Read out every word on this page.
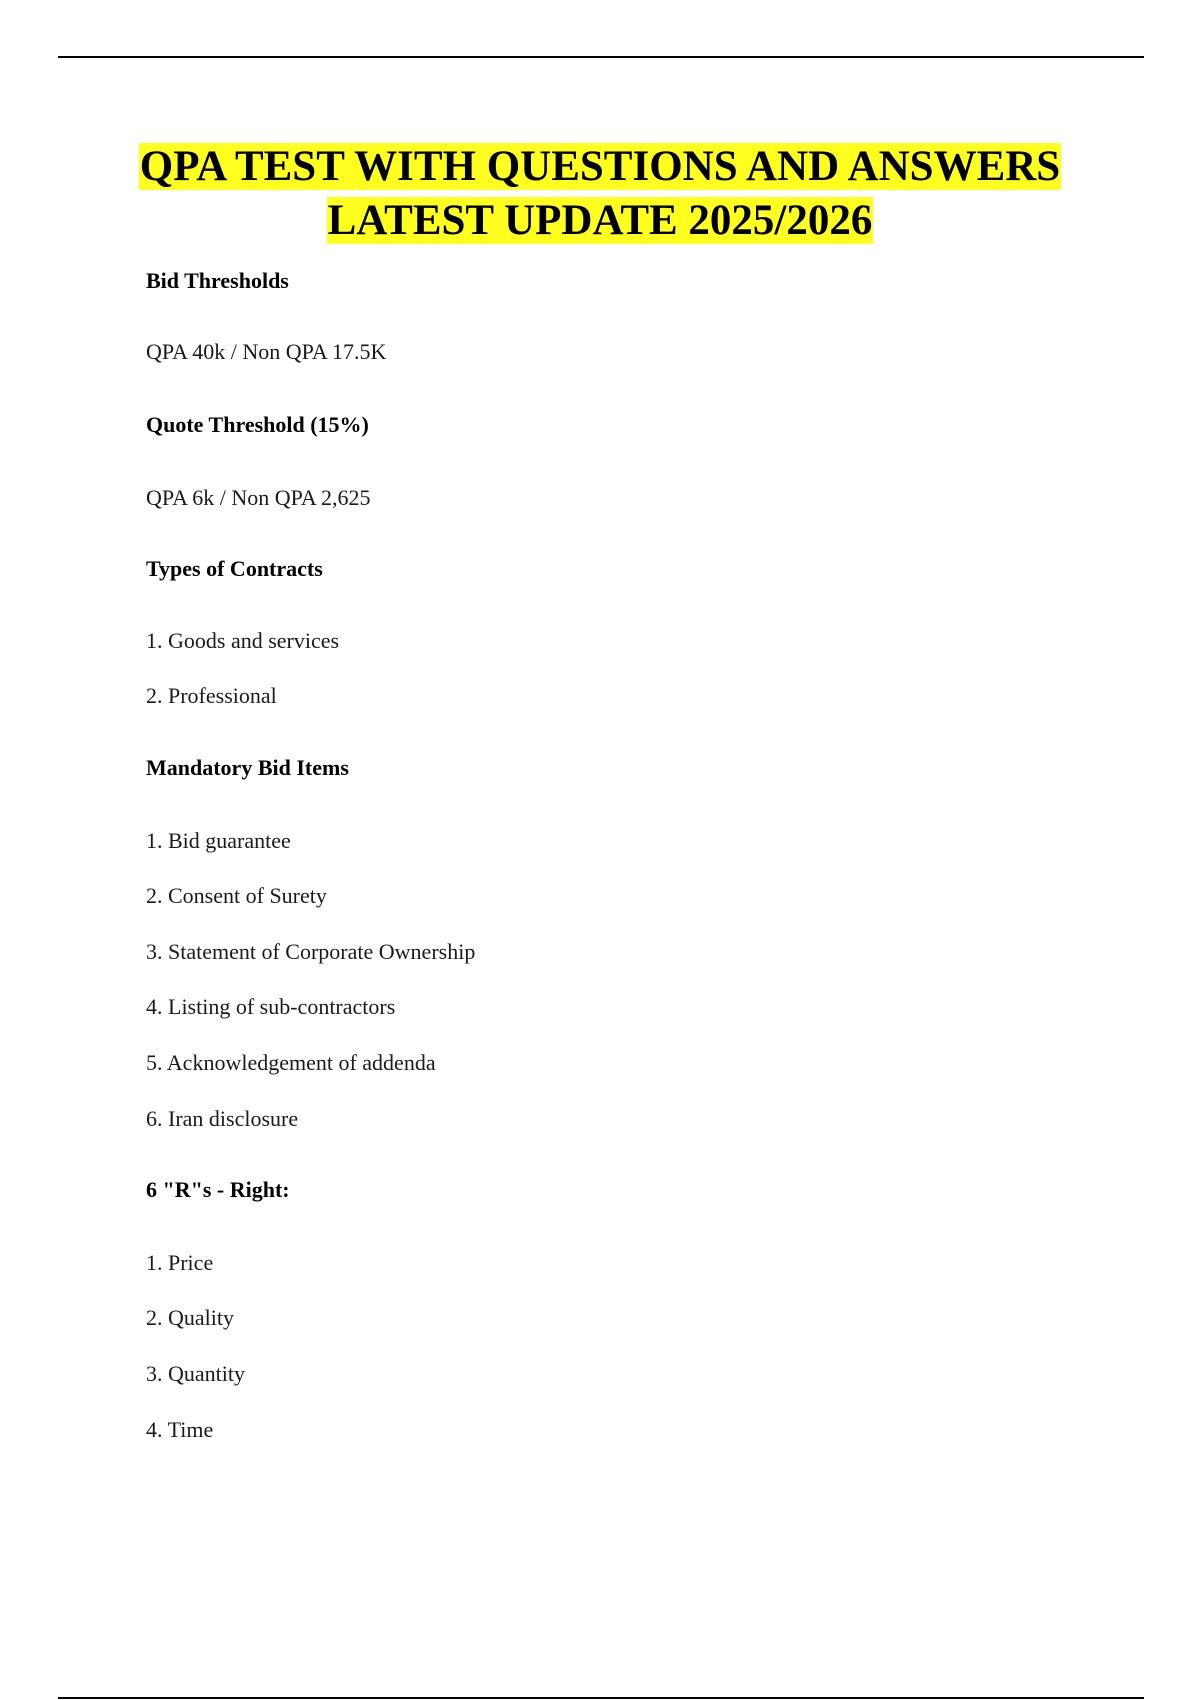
QPA TEST WITH QUESTIONS AND ANSWERS
LATEST UPDATE 2025/2026
Bid Thresholds
QPA 40k / Non QPA 17.5K
Quote Threshold (15%)
QPA 6k / Non QPA 2,625
Types of Contracts
1. Goods and services
2. Professional
Mandatory Bid Items
1. Bid guarantee
2. Consent of Surety
3. Statement of Corporate Ownership
4. Listing of sub-contractors
5. Acknowledgement of addenda
6. Iran disclosure
6 "R"s - Right:
1. Price
2. Quality
3. Quantity
4. Time
